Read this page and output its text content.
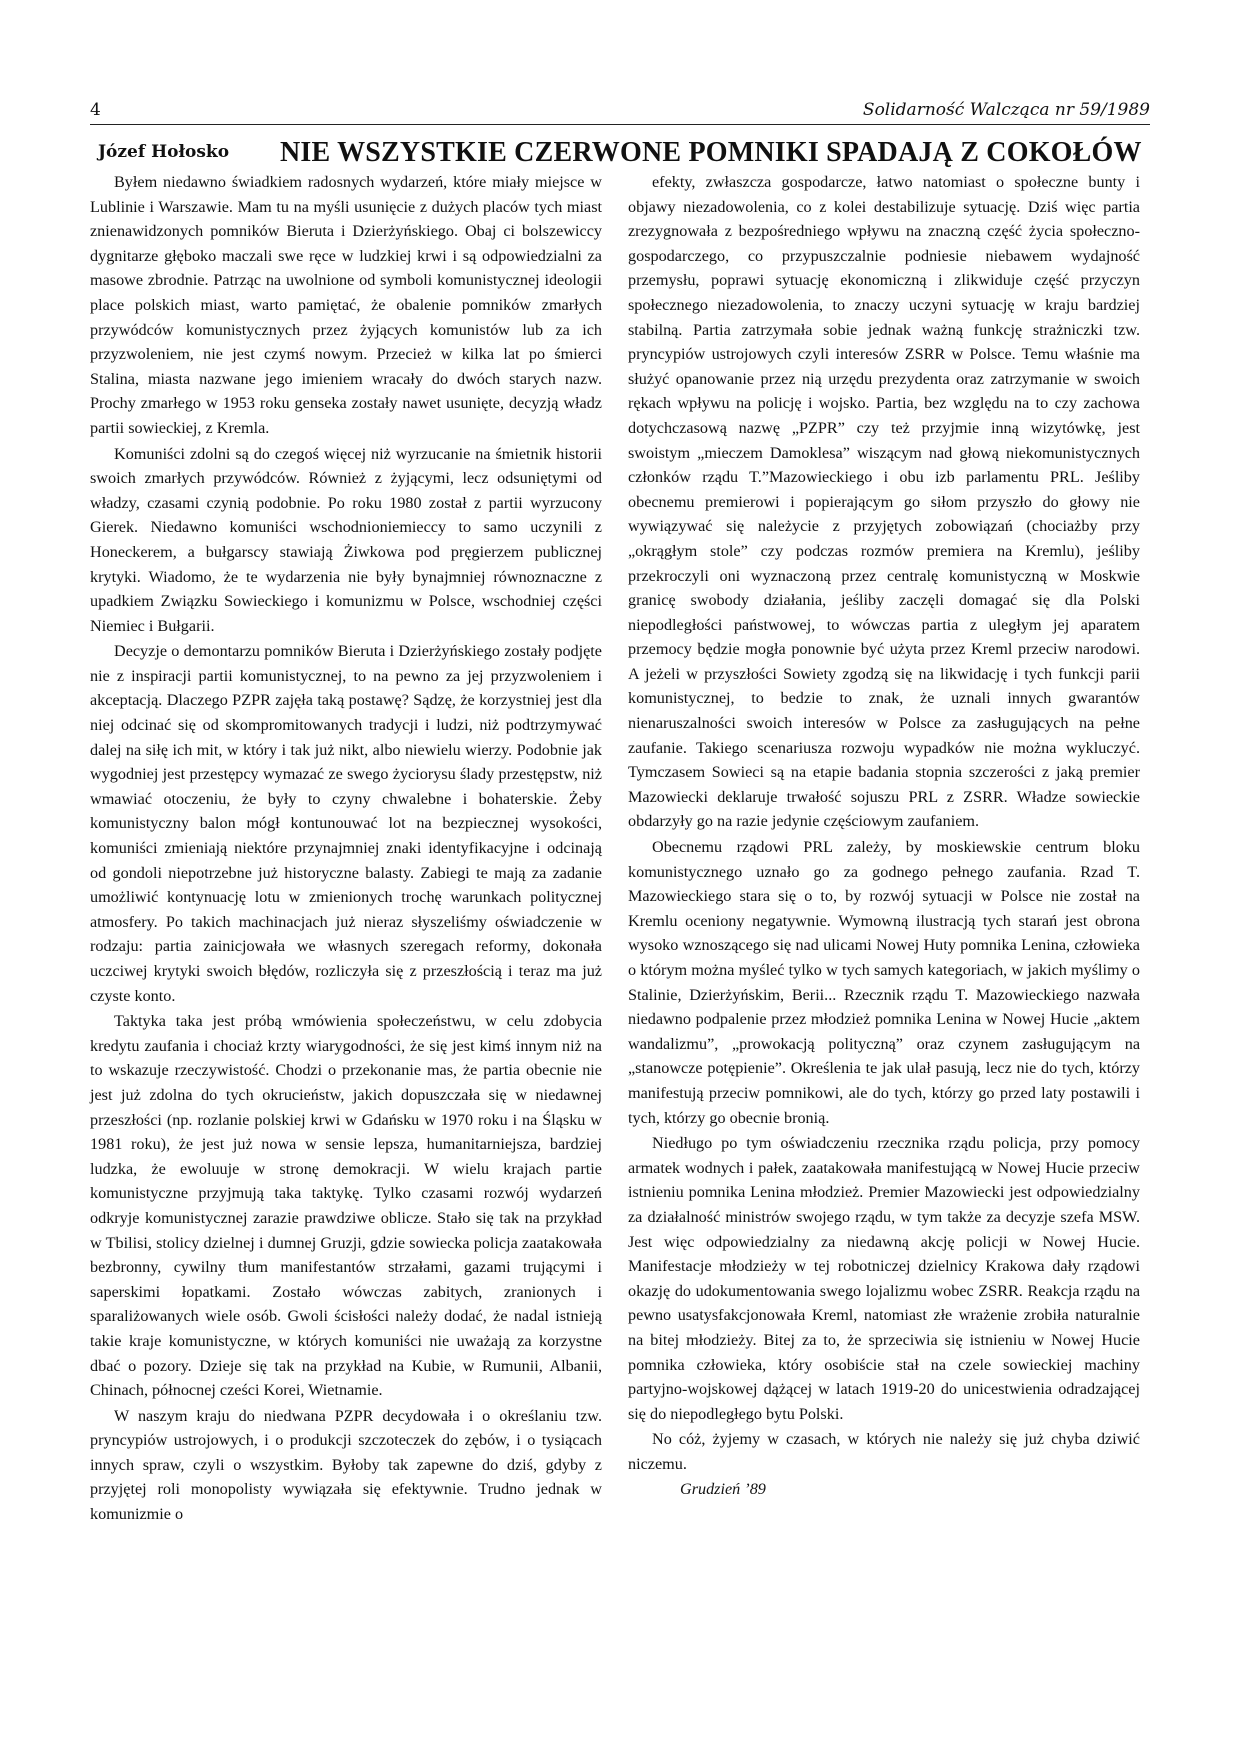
4	Solidarność Walcząca nr 59/1989
Józef Hołosko NIE WSZYSTKIE CZERWONE POMNIKI SPADAJĄ Z COKOŁÓW

Byłem niedawno świadkiem radosnych wydarzeń, które miały miejsce w Lublinie i Warszawie. Mam tu na myśli usunięcie z dużych placów tych miast znienawidzonych pomników Bieruta i Dzierżyńskiego. Obaj ci bolszewiccy dygnitarze głęboko maczali swe ręce w ludzkiej krwi i są odpowiedzialni za masowe zbrodnie. Patrząc na uwolnione od symboli komunistycznej ideologii place polskich miast, warto pamiętać, że obalenie pomników zmarłych przywódców komunistycznych przez żyjących komunistów lub za ich przyzwoleniem, nie jest czymś nowym. Przecież w kilka lat po śmierci Stalina, miasta nazwane jego imieniem wracały do dwóch starych nazw. Prochy zmarłego w 1953 roku genseka zostały nawet usunięte, decyzją władz partii sowieckiej, z Kremla.

Komuniści zdolni są do czegoś więcej niż wyrzucanie na śmietnik historii swoich zmarłych przywódców. Również z żyjącymi, lecz odsuniętymi od władzy, czasami czynią podobnie. Po roku 1980 został z partii wyrzucony Gierek. Niedawno komuniści wschodnioniemieccy to samo uczynili z Honeckerem, a bułgarscy stawiają Żiwkowa pod pręgierzem publicznej krytyki. Wiadomo, że te wydarzenia nie były bynajmniej równoznaczne z upadkiem Związku Sowieckiego i komunizmu w Polsce, wschodniej części Niemiec i Bułgarii.

Decyzje o demontarzu pomników Bieruta i Dzierżyńskiego zostały podjęte nie z inspiracji partii komunistycznej, to na pewno za jej przyzwoleniem i akceptacją. Dlaczego PZPR zajęła taką postawę? Sądzę, że korzystniej jest dla niej odcinać się od skompromitowanych tradycji i ludzi, niż podtrzymywać dalej na siłę ich mit, w który i tak już nikt, albo niewielu wierzy. Podobnie jak wygodniej jest przestępcy wymazać ze swego życiorysu ślady przestępstw, niż wmawiać otoczeniu, że były to czyny chwalebne i bohaterskie. Żeby komunistyczny balon mógł kontunouwać lot na bezpiecznej wysokości, komuniści zmieniają niektóre przynajmniej znaki identyfikacyjne i odcinają od gondoli niepotrzebne już historyczne balasty. Zabiegi te mają za zadanie umożliwić kontynuację lotu w zmienionych trochę warunkach politycznej atmosfery. Po takich machinacjach już nieraz słyszeliśmy oświadczenie w rodzaju: partia zainicjowała we własnych szeregach reformy, dokonała uczciwej krytyki swoich błędów, rozliczyła się z przeszłością i teraz ma już czyste konto.

Taktyka taka jest próbą wmówienia społeczeństwu, w celu zdobycia kredytu zaufania i chociaż krzty wiarygodności, że się jest kimś innym niż na to wskazuje rzeczywistość. Chodzi o przekonanie mas, że partia obecnie nie jest już zdolna do tych okrucieństw, jakich dopuszczała się w niedawnej przeszłości (np. rozlanie polskiej krwi w Gdańsku w 1970 roku i na Śląsku w 1981 roku), że jest już nowa w sensie lepsza, humanitarniejsza, bardziej ludzka, że ewoluuje w stronę demokracji. W wielu krajach partie komunistyczne przyjmują taka taktykę. Tylko czasami rozwój wydarzeń odkryje komunistycznej zarazie prawdziwe oblicze. Stało się tak na przykład w Tbilisi, stolicy dzielnej i dumnej Gruzji, gdzie sowiecka policja zaatakowała bezbronny, cywilny tłum manifestantów strzałami, gazami trującymi i saperskimi łopatkami. Zostało wówczas zabitych, zranionych i sparaliżowanych wiele osób. Gwoli ścisłości należy dodać, że nadal istnieją takie kraje komunistyczne, w których komuniści nie uważają za korzystne dbać o pozory. Dzieje się tak na przykład na Kubie, w Rumunii, Albanii, Chinach, północnej cześci Korei, Wietnamie.

W naszym kraju do niedwana PZPR decydowała i o określaniu tzw. pryncypiów ustrojowych, i o produkcji szczoteczek do zębów, i o tysiącach innych spraw, czyli o wszystkim. Byłoby tak zapewne do dziś, gdyby z przyjętej roli monopolisty wywiązała się efektywnie. Trudno jednak w komunizmie o

efekty, zwłaszcza gospodarcze, łatwo natomiast o społeczne bunty i objawy niezadowolenia, co z kolei destabilizuje sytuację. Dziś więc partia zrezygnowała z bezpośredniego wpływu na znaczną część życia społeczno-gospodarczego, co przypuszczalnie podniesie niebawem wydajność przemysłu, poprawi sytuację ekonomiczną i zlikwiduje część przyczyn społecznego niezadowolenia, to znaczy uczyni sytuację w kraju bardziej stabilną. Partia zatrzymała sobie jednak ważną funkcję strażniczki tzw. pryncypiów ustrojowych czyli interesów ZSRR w Polsce. Temu właśnie ma służyć opanowanie przez nią urzędu prezydenta oraz zatrzymanie w swoich rękach wpływu na policję i wojsko. Partia, bez względu na to czy zachowa dotychczasową nazwę „PZPR” czy też przyjmie inną wizytówkę, jest swoistym „mieczem Damoklesa” wiszącym nad głową niekomunistycznych członków rządu T.”Mazowieckiego i obu izb parlamentu PRL. Jeśliby obecnemu premierowi i popierającym go siłom przyszło do głowy nie wywiązywać się należycie z przyjętych zobowiązań (chociażby przy „okrągłym stole” czy podczas rozmów premiera na Kremlu), jeśliby przekroczyli oni wyznaczoną przez centralę komunistyczną w Moskwie granicę swobody działania, jeśliby zaczęli domagać się dla Polski niepodległości państwowej, to wówczas partia z uległym jej aparatem przemocy będzie mogła ponownie być użyta przez Kreml przeciw narodowi. A jeżeli w przyszłości Sowiety zgodzą się na likwidację i tych funkcji parii komunistycznej, to bedzie to znak, że uznali innych gwarantów nienaruszalności swoich interesów w Polsce za zasługujących na pełne zaufanie. Takiego scenariusza rozwoju wypadków nie można wykluczyć. Tymczasem Sowieci są na etapie badania stopnia szczerości z jaką premier Mazowiecki deklaruje trwałość sojuszu PRL z ZSRR. Władze sowieckie obdarzyły go na razie jedynie częściowym zaufaniem.

Obecnemu rządowi PRL zależy, by moskiewskie centrum bloku komunistycznego uznało go za godnego pełnego zaufania. Rzad T. Mazowieckiego stara się o to, by rozwój sytuacji w Polsce nie został na Kremlu oceniony negatywnie. Wymowną ilustracją tych starań jest obrona wysoko wznoszącego się nad ulicami Nowej Huty pomnika Lenina, człowieka o którym można myśleć tylko w tych samych kategoriach, w jakich myślimy o Stalinie, Dzierżyńskim, Berii... Rzecznik rządu T. Mazowieckiego nazwała niedawno podpalenie przez młodzież pomnika Lenina w Nowej Hucie „aktem wandalizmu”, „prowokacją polityczną” oraz czynem zasługującym na „stanowcze potępienie”. Określenia te jak ulał pasują, lecz nie do tych, którzy manifestują przeciw pomnikowi, ale do tych, którzy go przed laty postawili i tych, którzy go obecnie bronią.

Niedługo po tym oświadczeniu rzecznika rządu policja, przy pomocy armatek wodnych i pałek, zaatakowała manifestującą w Nowej Hucie przeciw istnieniu pomnika Lenina młodzież. Premier Mazowiecki jest odpowiedzialny za działalność ministrów swojego rządu, w tym także za decyzje szefa MSW. Jest więc odpowiedzialny za niedawną akcję policji w Nowej Hucie. Manifestacje młodzieży w tej robotniczej dzielnicy Krakowa dały rządowi okazję do udokumentowania swego lojalizmu wobec ZSRR. Reakcja rządu na pewno usatysfakcjonowała Kreml, natomiast złe wrażenie zrobiła naturalnie na bitej młodzieży. Bitej za to, że sprzeciwia się istnieniu w Nowej Hucie pomnika człowieka, który osobiście stał na czele sowieckiej machiny partyjno-wojskowej dążącej w latach 1919-20 do unicestwienia odradzającej się do niepodległego bytu Polski.

No cóż, żyjemy w czasach, w których nie należy się już chyba dziwić niczemu.

Grudzień ’89
